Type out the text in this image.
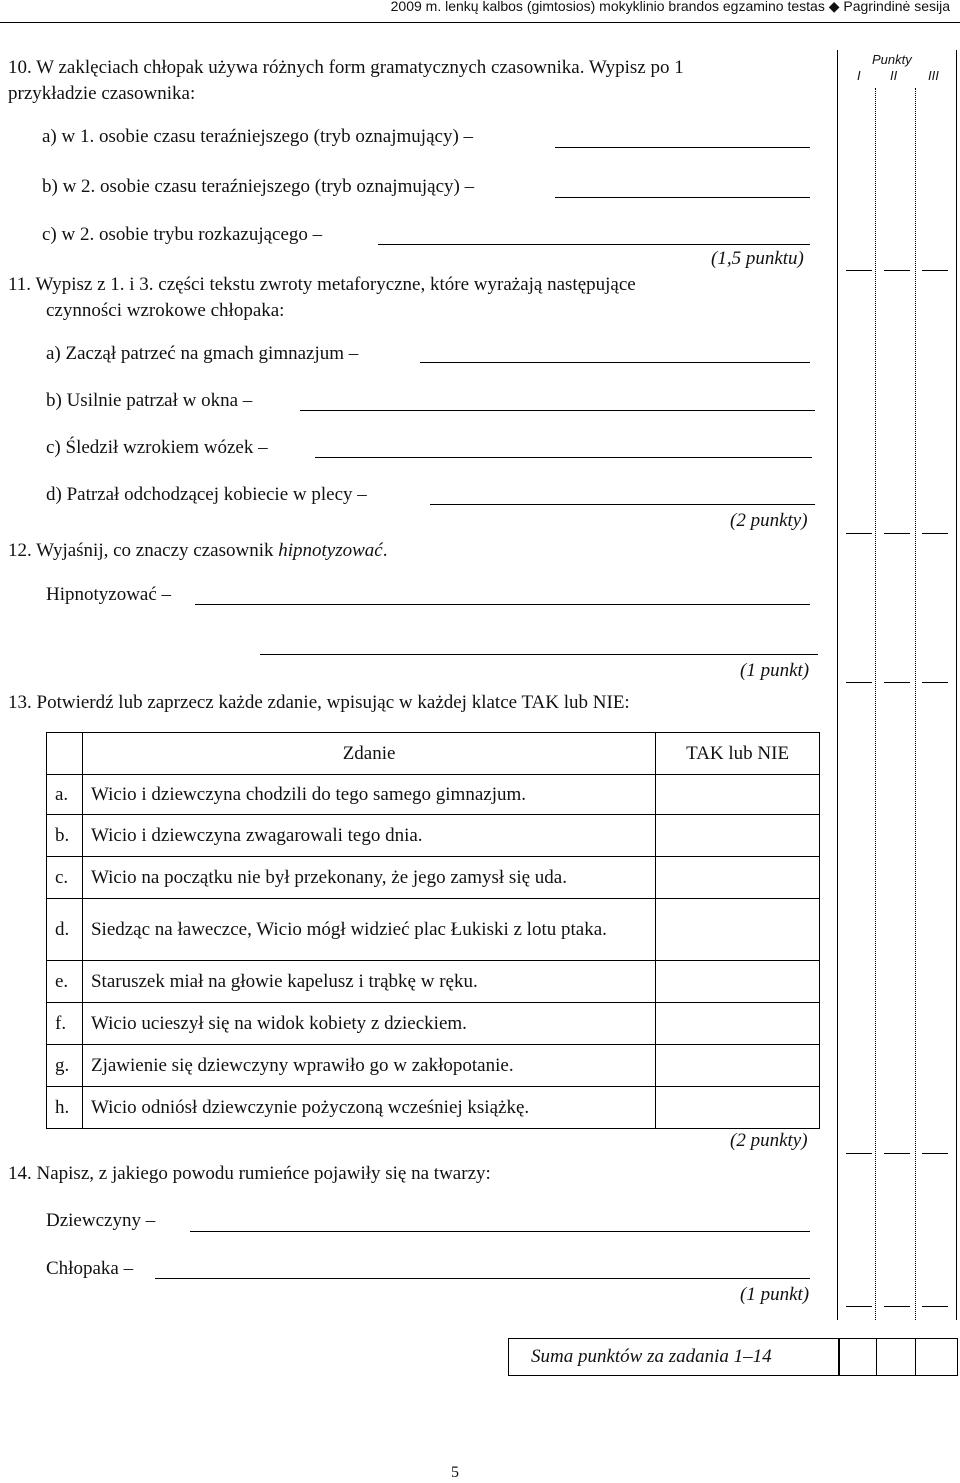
2009 m. lenkų kalbos (gimtosios) mokyklinio brandos egzamino testas ◆ Pagrindinė sesija
Punkty
I II III
10. W zaklęciach chłopak używa różnych form gramatycznych czasownika. Wypisz po 1
przykładzie czasownika:
a) w 1. osobie czasu teraźniejszego (tryb oznajmujący) –
b) w 2. osobie czasu teraźniejszego (tryb oznajmujący) –
c) w 2. osobie trybu rozkazującego –
(1,5 punktu)
11. Wypisz z 1. i 3. części tekstu zwroty metaforyczne, które wyrażają następujące
czynności wzrokowe chłopaka:
a) Zaczął patrzeć na gmach gimnazjum –
b) Usilnie patrzał w okna –
c) Śledził wzrokiem wózek –
d) Patrzał odchodzącej kobiecie w plecy –
(2 punkty)
12. Wyjaśnij, co znaczy czasownik hipnotyzować.
Hipnotyzować –
(1 punkt)
13. Potwierdź lub zaprzecz każde zdanie, wpisując w każdej klatce TAK lub NIE:
	Zdanie	TAK lub NIE
a.	Wicio i dziewczyna chodzili do tego samego gimnazjum.	
b.	Wicio i dziewczyna zwagarowali tego dnia.	
c.	Wicio na początku nie był przekonany, że jego zamysł się uda.	
d.	Siedząc na ławeczce, Wicio mógł widzieć plac Łukiski z lotu ptaka.	
e.	Staruszek miał na głowie kapelusz i trąbkę w ręku.	
f.	Wicio ucieszył się na widok kobiety z dzieckiem.	
g.	Zjawienie się dziewczyny wprawiło go w zakłopotanie.	
h.	Wicio odniósł dziewczynie pożyczoną wcześniej książkę.	
(2 punkty)
14. Napisz, z jakiego powodu rumieńce pojawiły się na twarzy:
Dziewczyny –
Chłopaka –
(1 punkt)
Suma punktów za zadania 1–14
5
